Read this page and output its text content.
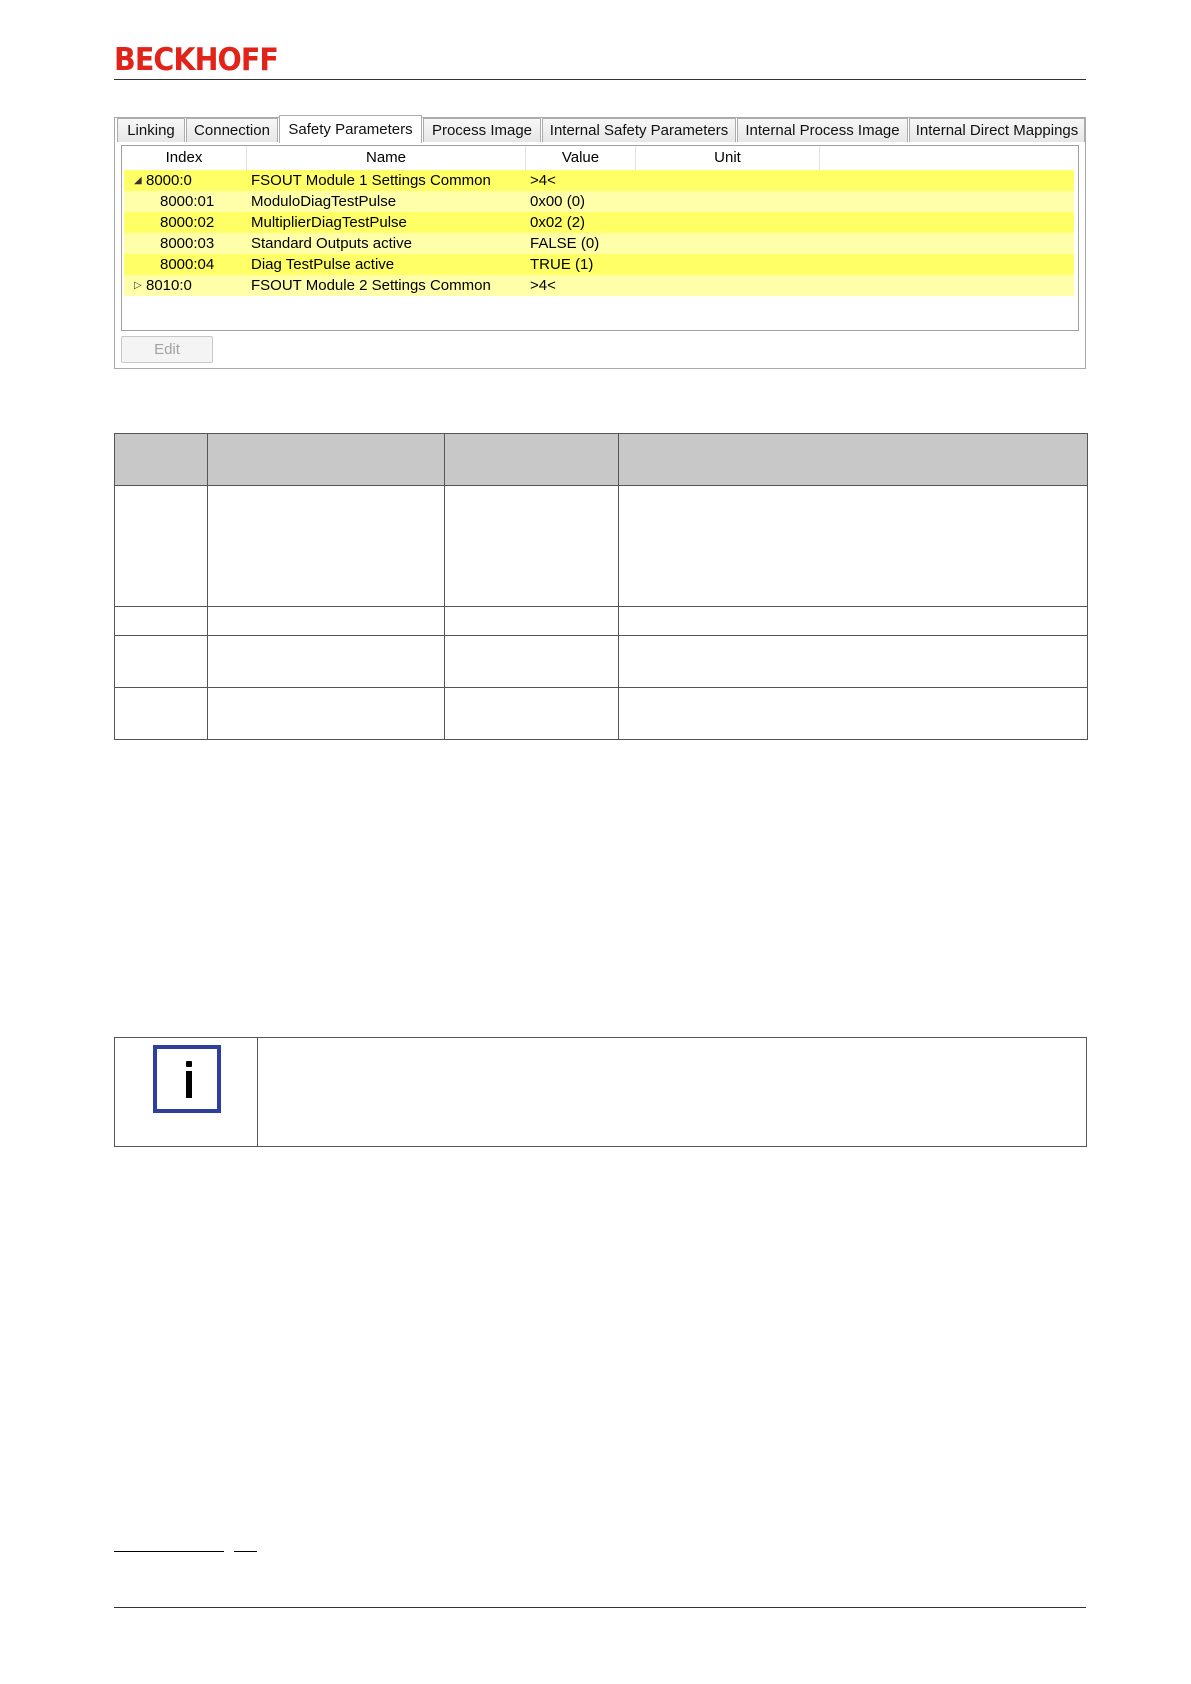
BECKHOFF
Linking	Connection	Safety Parameters	Process Image	Internal Safety Parameters	Internal Process Image	Internal Direct Mappings
Index	Name	Value	Unit
◢ 8000:0	FSOUT Module 1 Settings Common	>4<
8000:01 ModuloDiagTestPulse	0x00 (0)
8000:02 MultiplierDiagTestPulse	0x02 (2)
8000:03 Standard Outputs active	FALSE (0)
8000:04 Diag TestPulse active	TRUE (1)
▷ 8010:0	FSOUT Module 2 Settings Common	>4<
Edit
